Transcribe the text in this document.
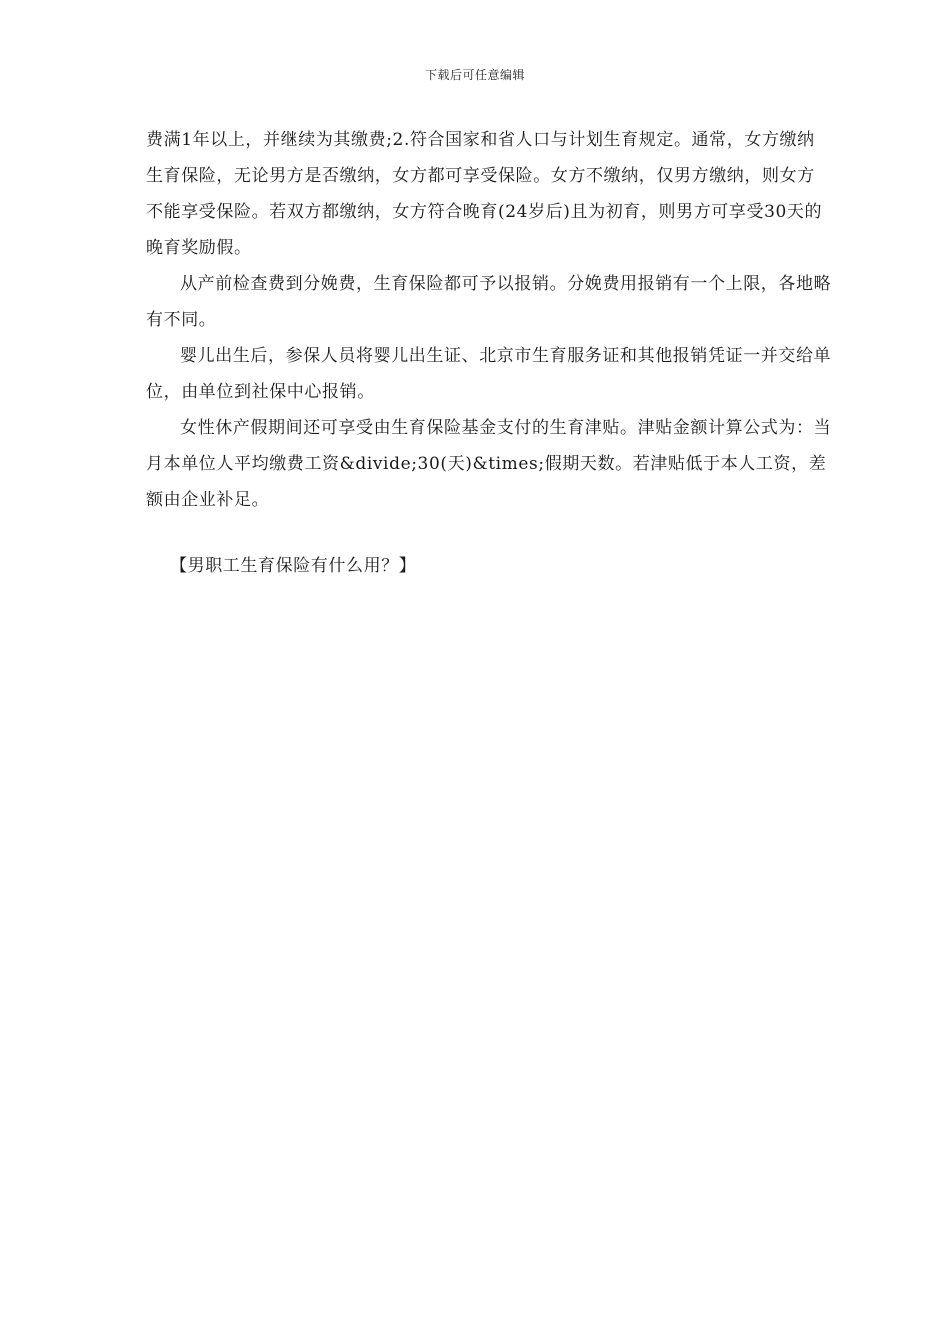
下载后可任意编辑

费满1年以上，并继续为其缴费;2.符合国家和省人口与计划生育规定。通常，女方缴纳生育保险，无论男方是否缴纳，女方都可享受保险。女方不缴纳，仅男方缴纳，则女方不能享受保险。若双方都缴纳，女方符合晚育(24岁后)且为初育，则男方可享受30天的晚育奖励假。

从产前检查费到分娩费，生育保险都可予以报销。分娩费用报销有一个上限，各地略有不同。

婴儿出生后，参保人员将婴儿出生证、北京市生育服务证和其他报销凭证一并交给单位，由单位到社保中心报销。

女性休产假期间还可享受由生育保险基金支付的生育津贴。津贴金额计算公式为：当月本单位人平均缴费工资&divide;30(天)&times;假期天数。若津贴低于本人工资，差额由企业补足。

【男职工生育保险有什么用？】
